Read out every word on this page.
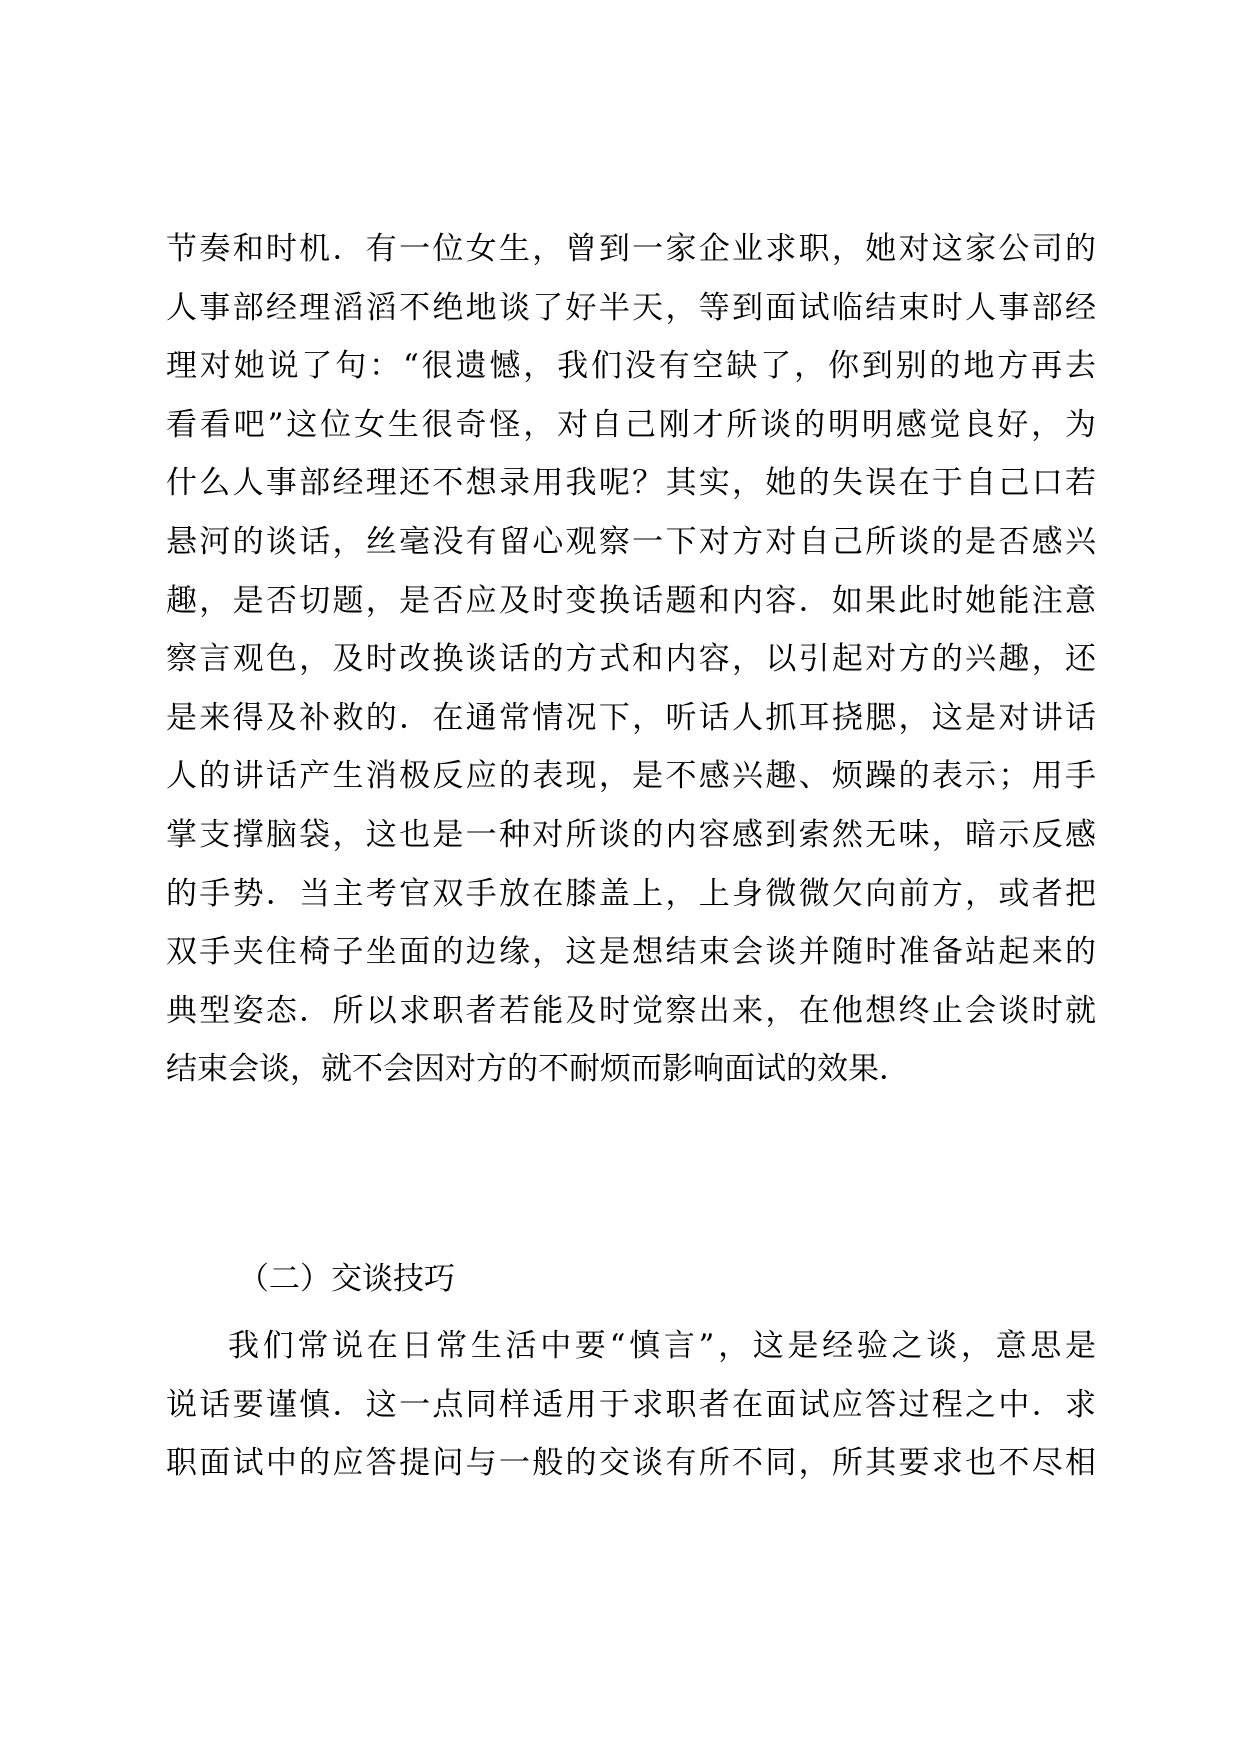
节奏和时机．有一位女生，曾到一家企业求职，她对这家公司的
人事部经理滔滔不绝地谈了好半天，等到面试临结束时人事部经
理对她说了句：“很遗憾，我们没有空缺了，你到别的地方再去
看看吧”这位女生很奇怪，对自己刚才所谈的明明感觉良好，为
什么人事部经理还不想录用我呢？其实，她的失误在于自己口若
悬河的谈话，丝毫没有留心观察一下对方对自己所谈的是否感兴
趣，是否切题，是否应及时变换话题和内容．如果此时她能注意
察言观色，及时改换谈话的方式和内容，以引起对方的兴趣，还
是来得及补救的．在通常情况下，听话人抓耳挠腮，这是对讲话
人的讲话产生消极反应的表现，是不感兴趣、烦躁的表示；用手
掌支撑脑袋，这也是一种对所谈的内容感到索然无味，暗示反感
的手势．当主考官双手放在膝盖上，上身微微欠向前方，或者把
双手夹住椅子坐面的边缘，这是想结束会谈并随时准备站起来的
典型姿态．所以求职者若能及时觉察出来，在他想终止会谈时就
结束会谈，就不会因对方的不耐烦而影响面试的效果．
（二）交谈技巧
我们常说在日常生活中要“慎言”，这是经验之谈，意思是
说话要谨慎．这一点同样适用于求职者在面试应答过程之中．求
职面试中的应答提问与一般的交谈有所不同，所其要求也不尽相
